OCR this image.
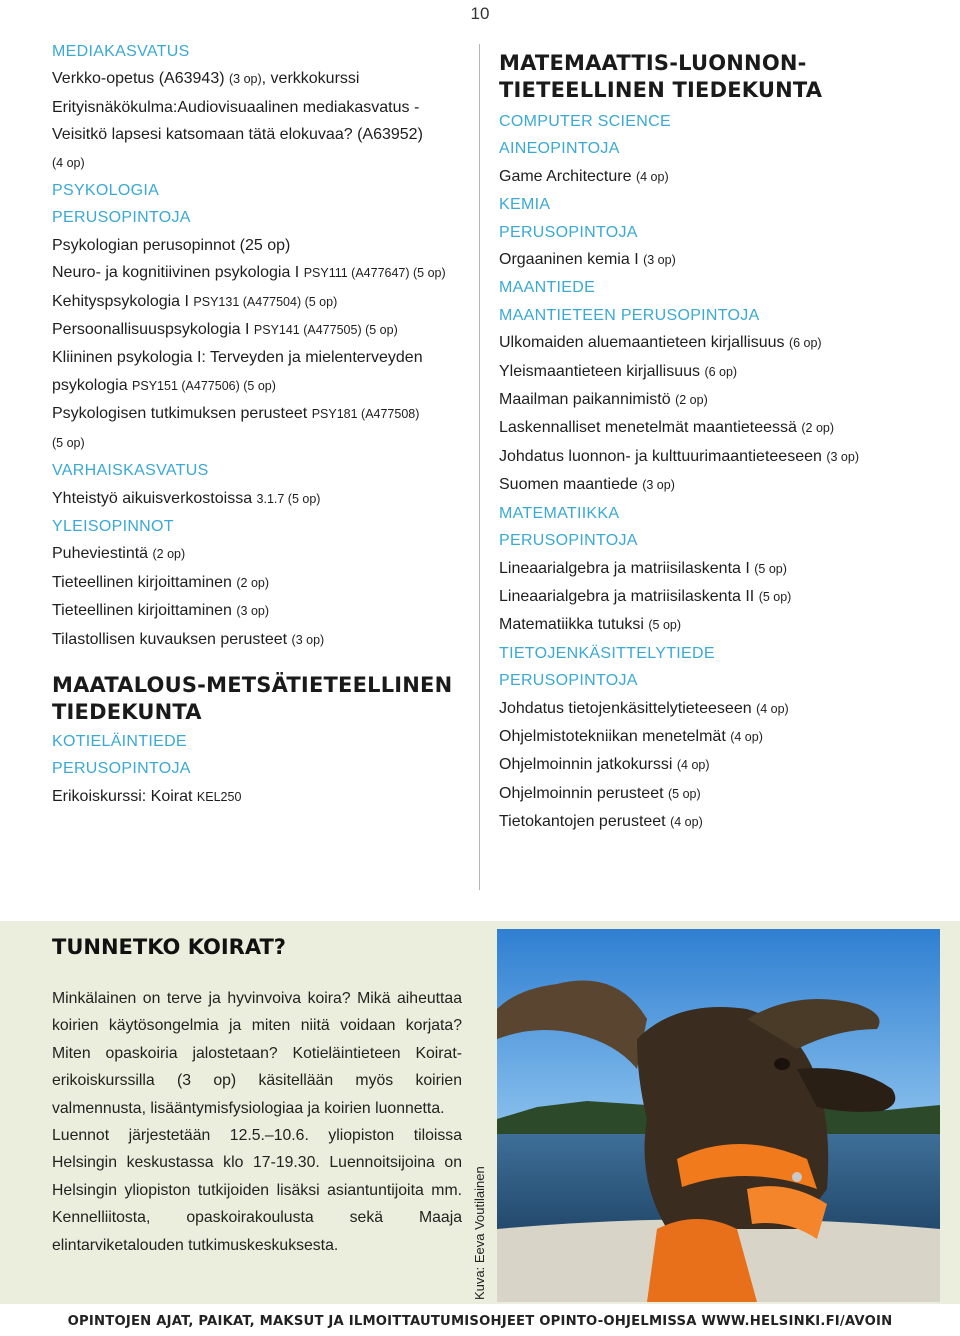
10
MEDIAKASVATUS
Verkko-opetus (A63943) (3 op), verkkokurssi
Erityisnäkökulma:Audiovisuaalinen mediakasvatus -
Veisitkö lapsesi katsomaan tätä elokuvaa? (A63952)
(4 op)
PSYKOLOGIA
PERUSOPINTOJA
Psykologian perusopinnot (25 op)
Neuro- ja kognitiivinen psykologia I PSY111 (A477647) (5 op)
Kehityspsykologia I PSY131 (A477504) (5 op)
Persoonallisuuspsykologia I PSY141 (A477505) (5 op)
Kliininen psykologia I: Terveyden ja mielenterveyden
psykologia PSY151 (A477506) (5 op)
Psykologisen tutkimuksen perusteet PSY181 (A477508)
(5 op)
VARHAISKASVATUS
Yhteistyö aikuisverkostoissa 3.1.7 (5 op)
YLEISOPINNOT
Puheviestintä (2 op)
Tieteellinen kirjoittaminen (2 op)
Tieteellinen kirjoittaminen (3 op)
Tilastollisen kuvauksen perusteet (3 op)
MAATALOUS-METSÄTIETEELLINEN
TIEDEKUNTA
KOTIELÄINTIEDE
PERUSOPINTOJA
Erikoiskurssi: Koirat KEL250
MATEMAATTIS-LUONNON-
TIETEELLINEN TIEDEKUNTA
COMPUTER SCIENCE
AINEOPINTOJA
Game Architecture (4 op)
KEMIA
PERUSOPINTOJA
Orgaaninen kemia I (3 op)
MAANTIEDE
MAANTIETEEN PERUSOPINTOJA
Ulkomaiden aluemaantieteen kirjallisuus (6 op)
Yleismaantieteen kirjallisuus (6 op)
Maailman paikannimistö (2 op)
Laskennalliset menetelmät maantieteessä (2 op)
Johdatus luonnon- ja kulttuurimaantieteeseen (3 op)
Suomen maantiede (3 op)
MATEMATIIKKA
PERUSOPINTOJA
Lineaarialgebra ja matriisilaskenta I (5 op)
Lineaarialgebra ja matriisilaskenta II (5 op)
Matematiikka tutuksi (5 op)
TIETOJENKÄSITTELYTIEDE
PERUSOPINTOJA
Johdatus tietojenkäsittelytieteeseen (4 op)
Ohjelmistotekniikan menetelmät (4 op)
Ohjelmoinnin jatkokurssi (4 op)
Ohjelmoinnin perusteet (5 op)
Tietokantojen perusteet (4 op)
TUNNETKO KOIRAT?

Minkälainen on terve ja hyvinvoiva koira? Mikä aiheuttaa koirien käytösongelmia ja miten niitä voidaan korjata? Miten opaskoiria jalostetaan? Kotieläintieteen Koirat-erikoiskurssilla (3 op) käsitellään myös koirien valmennusta, lisääntymisfysiologiaa ja koirien luonnetta.

Luennot järjestetään 12.5.–10.6. yliopiston tiloissa Helsingin keskustassa klo 17-19.30. Luennoitsijoina on Helsingin yliopiston tutkijoiden lisäksi asiantuntijoita mm. Kennelliitosta, opaskoirakoulusta sekä Maaja elintarviketalouden tutkimuskeskuksesta.	Kuva: Eeva Voutilainen
OPINTOJEN AJAT, PAIKAT, MAKSUT JA ILMOITTAUTUMISOHJEET OPINTO-OHJELMISSA WWW.HELSINKI.FI/AVOIN
